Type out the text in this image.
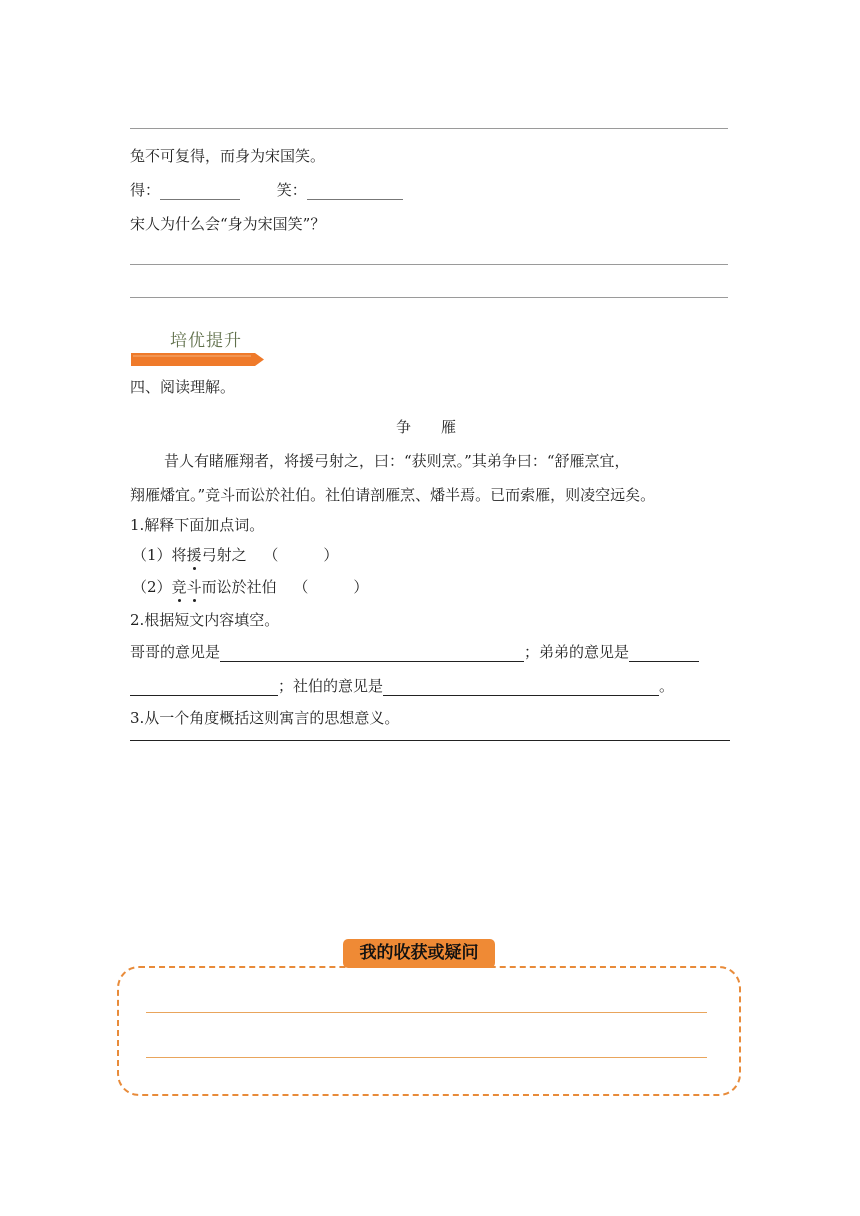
兔不可复得，而身为宋国笑。
得：	笑：
宋人为什么会“身为宋国笑”？
培优提升
四、阅读理解。
争 雁
昔人有睹雁翔者，将援弓射之，曰：“获则烹。”其弟争曰：“舒雁烹宜，
翔雁燔宜。”竞斗而讼於社伯。社伯请剖雁烹、燔半焉。已而索雁，则凌空远矣。
1.解释下面加点词。
（1）将援弓射之 （　　　）
（2）竞斗而讼於社伯 （　　　）
2.根据短文内容填空。
哥哥的意见是	；弟弟的意见是
；社伯的意见是	。
3.从一个角度概括这则寓言的思想意义。
我的收获或疑问
